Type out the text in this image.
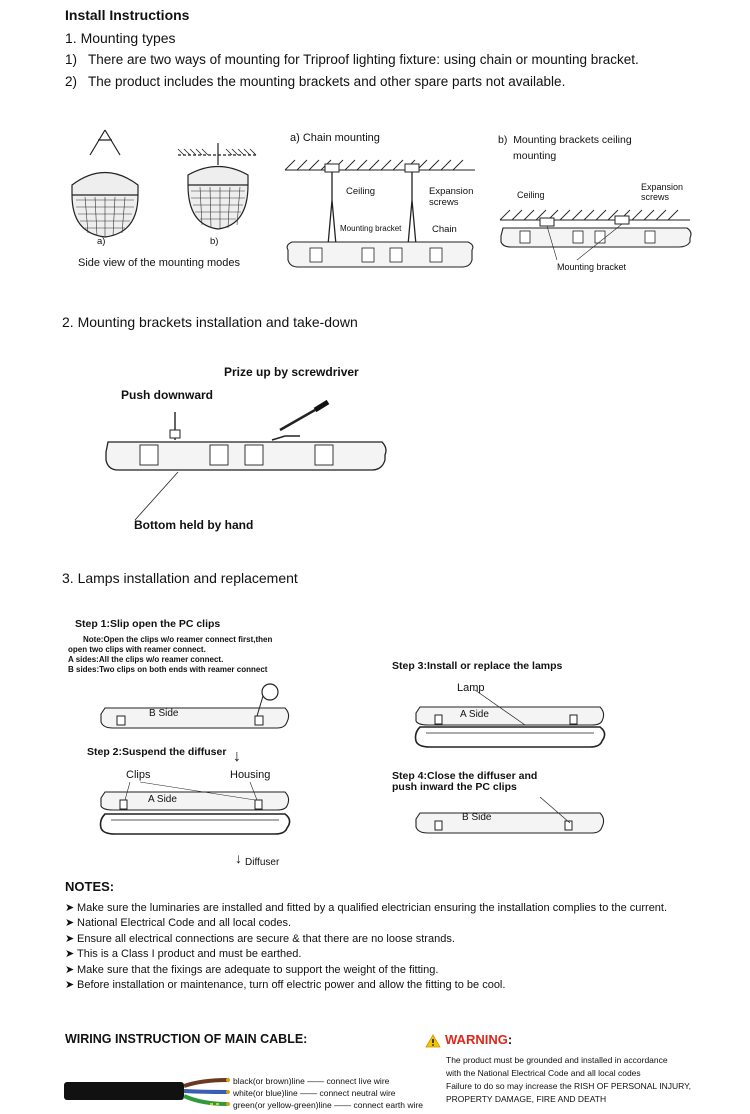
Install Instructions
1. Mounting types
1) There are two ways of mounting for Triproof lighting fixture: using chain or mounting bracket.
2) The product includes the mounting brackets and other spare parts not available.
a)	b)
Side view of the mounting modes
a) Chain mounting
Ceiling	Expansion
screws
Mounting bracket	Chain
b) Mounting brackets ceiling
mounting
Ceiling
Expansion
screws
Mounting bracket
2. Mounting brackets installation and take-down
Prize up by screwdriver
Push downward
Bottom held by hand
3. Lamps installation and replacement
Step 1:Slip open the PC clips
Note:Open the clips w/o reamer connect first,then
open two clips with reamer connect.
A sides:All the clips w/o reamer connect.
B sides:Two clips on both ends with reamer connect
B Side
Step 2:Suspend the diffuser ↓
Clips	Housing
A Side
↓ Diffuser
Step 3:Install or replace the lamps
Lamp
A Side
Step 4:Close the diffuser and
push inward the PC clips
B Side
NOTES:
➤ Make sure the luminaries are installed and fitted by a qualified electrician ensuring the installation complies to the current.
➤ National Electrical Code and all local codes.
➤ Ensure all electrical connections are secure & that there are no loose strands.
➤ This is a Class I product and must be earthed.
➤ Make sure that the fixings are adequate to support the weight of the fitting.
➤ Before installation or maintenance, turn off electric power and allow the fitting to be cool.
WIRING INSTRUCTION OF MAIN CABLE:
black(or brown)line —— connect live wire
white(or blue)line —— connect neutral wire
green(or yellow-green)line —— connect earth wire
WARNING:
The product must be grounded and installed in accordance
with the National Electrical Code and all local codes
Failure to do so may increase the RISH OF PERSONAL INJURY,
PROPERTY DAMAGE, FIRE AND DEATH
